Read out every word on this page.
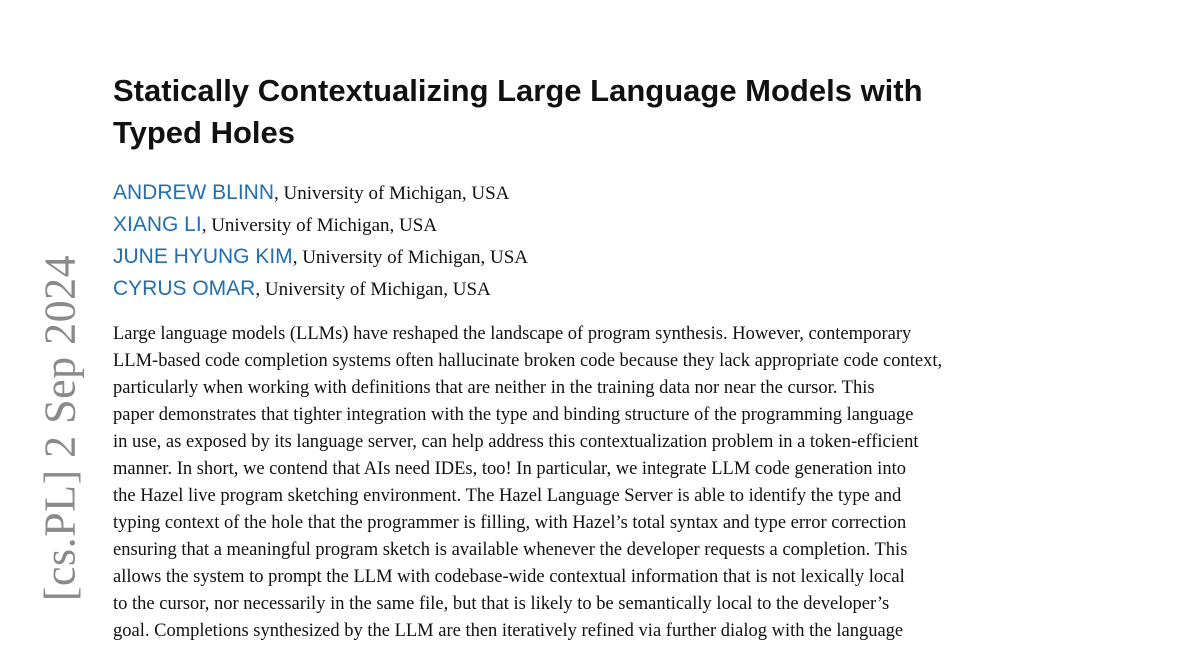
[cs.PL] 2 Sep 2024
Statically Contextualizing Large Language Models with
Typed Holes
ANDREW BLINN, University of Michigan, USA
XIANG LI, University of Michigan, USA
JUNE HYUNG KIM, University of Michigan, USA
CYRUS OMAR, University of Michigan, USA
Large language models (LLMs) have reshaped the landscape of program synthesis. However, contemporary
LLM-based code completion systems often hallucinate broken code because they lack appropriate code context,
particularly when working with definitions that are neither in the training data nor near the cursor. This
paper demonstrates that tighter integration with the type and binding structure of the programming language
in use, as exposed by its language server, can help address this contextualization problem in a token-efficient
manner. In short, we contend that AIs need IDEs, too! In particular, we integrate LLM code generation into
the Hazel live program sketching environment. The Hazel Language Server is able to identify the type and
typing context of the hole that the programmer is filling, with Hazel’s total syntax and type error correction
ensuring that a meaningful program sketch is available whenever the developer requests a completion. This
allows the system to prompt the LLM with codebase-wide contextual information that is not lexically local
to the cursor, nor necessarily in the same file, but that is likely to be semantically local to the developer’s
goal. Completions synthesized by the LLM are then iteratively refined via further dialog with the language
